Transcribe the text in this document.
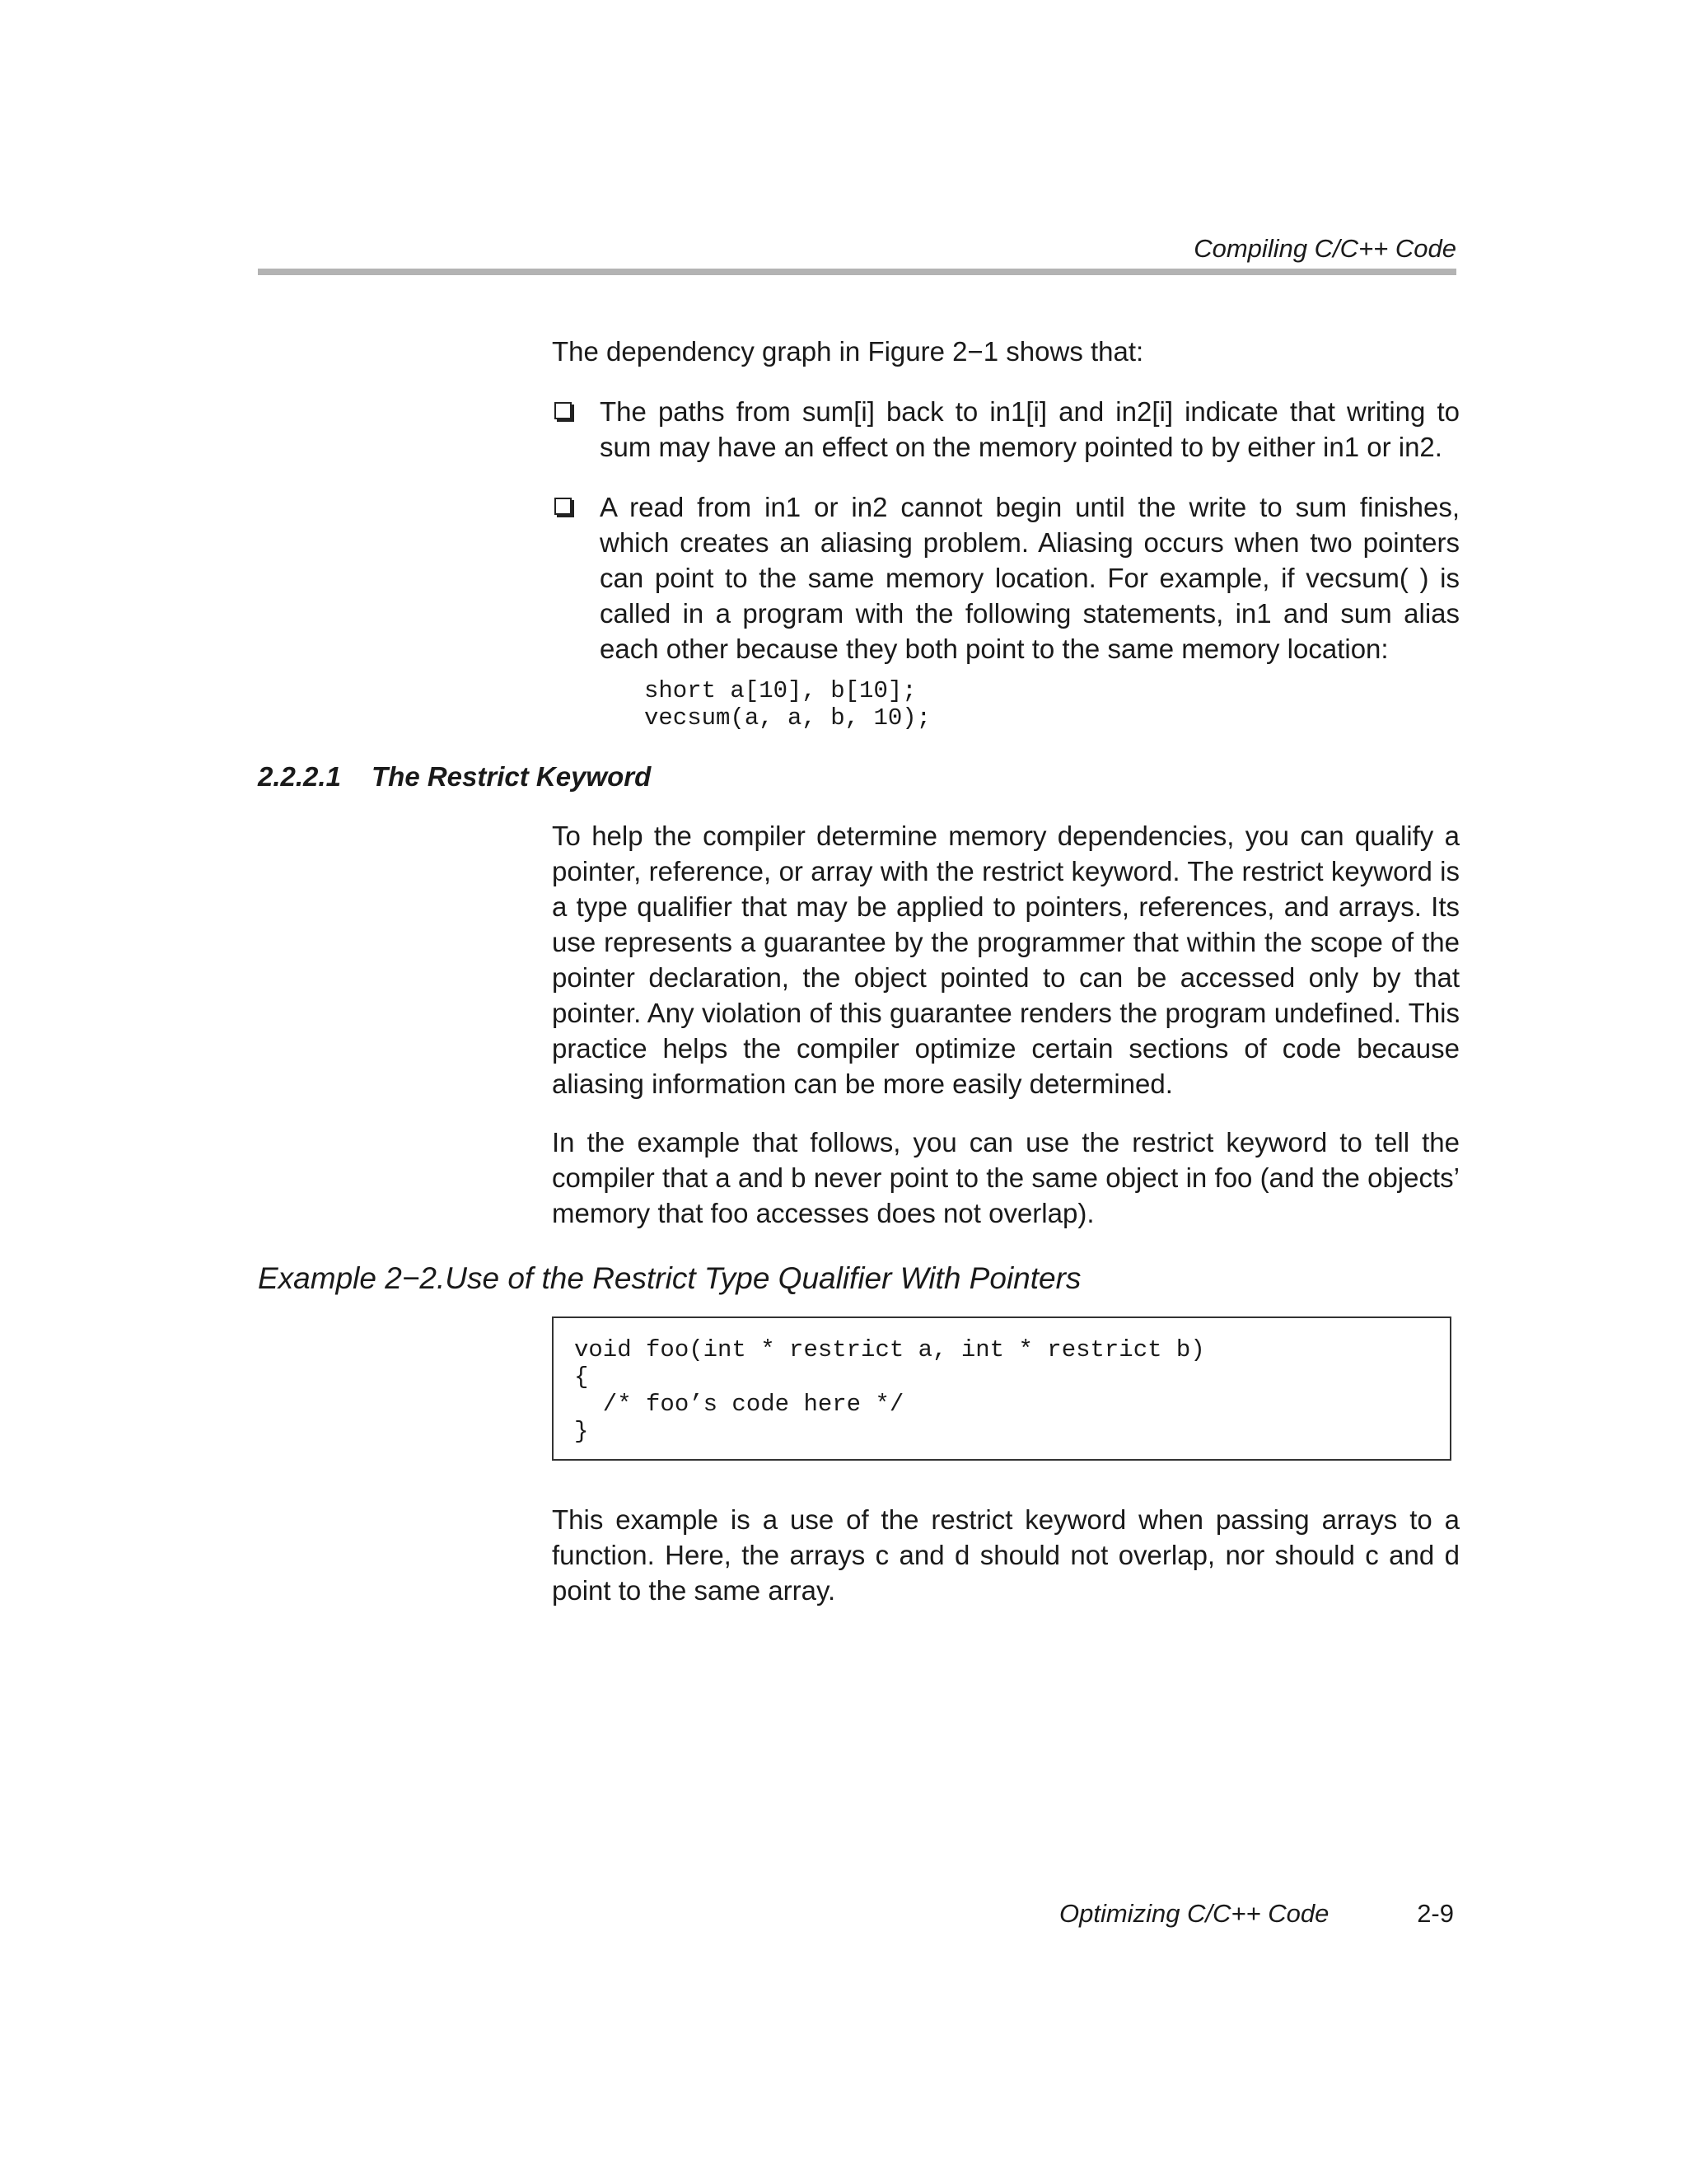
Compiling C/C++ Code
The dependency graph in Figure 2−1 shows that:
The paths from sum[i] back to in1[i] and in2[i] indicate that writing to sum may have an effect on the memory pointed to by either in1 or in2.
A read from in1 or in2 cannot begin until the write to sum finishes, which creates an aliasing problem. Aliasing occurs when two pointers can point to the same memory location. For example, if vecsum( ) is called in a program with the following statements, in1 and sum alias each other because they both point to the same memory location:
short a[10], b[10];
vecsum(a, a, b, 10);
2.2.2.1 The Restrict Keyword
To help the compiler determine memory dependencies, you can qualify a pointer, reference, or array with the restrict keyword. The restrict keyword is a type qualifier that may be applied to pointers, references, and arrays. Its use represents a guarantee by the programmer that within the scope of the pointer declaration, the object pointed to can be accessed only by that pointer. Any violation of this guarantee renders the program undefined. This practice helps the compiler optimize certain sections of code because aliasing information can be more easily determined.
In the example that follows, you can use the restrict keyword to tell the compiler that a and b never point to the same object in foo (and the objects’ memory that foo accesses does not overlap).
Example 2−2.Use of the Restrict Type Qualifier With Pointers
void foo(int * restrict a, int * restrict b)
{
/* foo’s code here */
}
This example is a use of the restrict keyword when passing arrays to a function. Here, the arrays c and d should not overlap, nor should c and d point to the same array.
Optimizing C/C++ Code	2-9
